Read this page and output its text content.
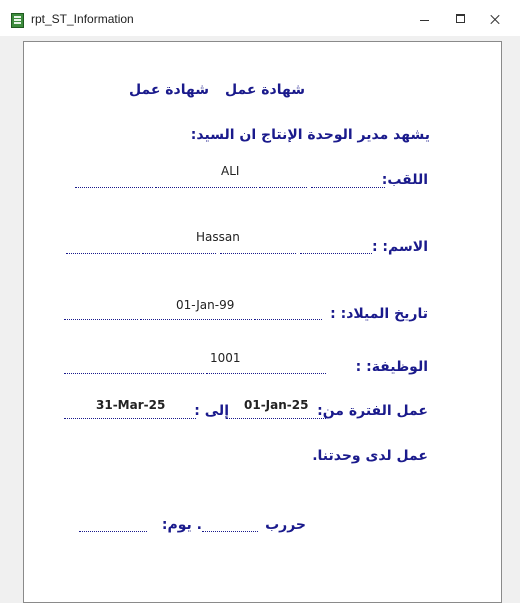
rpt_ST_Information
شهادة عمل
شهادة عمل
يشهد مدير الوحدة الإنتاج ان السيد:
اللقب:
ALI
الاسم: :
Hassan
تاريخ الميلاد: :
01-Jan-99
الوظيفة: :
1001
عمل الفترة من:
01-Jan-25
إلى :
31-Mar-25
عمل لدى وحدتنا.
حررب
. يوم:
